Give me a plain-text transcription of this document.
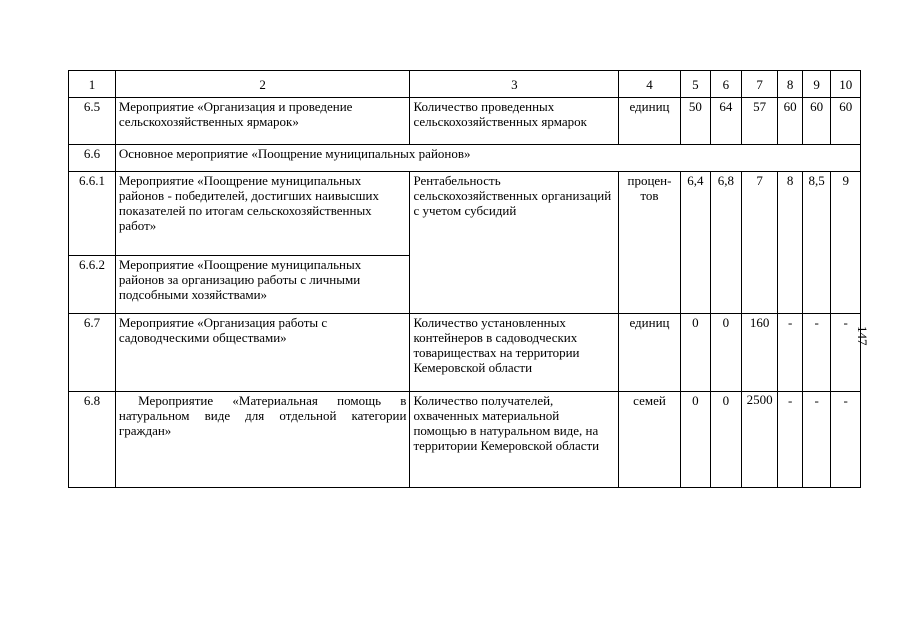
1	2	3	4	5	6	7	8	9	10
6.5	Мероприятие «Организация и проведение сельскохозяйственных ярмарок»	Количество проведенных сельскохозяйственных ярмарок	единиц	50	64	57	60	60	60
6.6	Основное мероприятие «Поощрение муниципальных районов»								
6.6.1	Мероприятие «Поощрение муниципальных районов - победителей, достигших наивысших показателей по итогам сельскохозяйственных работ»	Рентабельность сельскохозяйственных организаций с учетом субсидий	процен-тов	6,4	6,8	7	8	8,5	9
6.6.2	Мероприятие «Поощрение муниципальных районов за организацию работы с личными подсобными хозяйствами»								
6.7	Мероприятие «Организация работы с садоводческими обществами»	Количество установленных контейнеров в садоводческих товариществах на территории Кемеровской области	единиц	0	0	160	-	-	-
6.8	Мероприятие «Материальная помощь в натуральном виде для отдельной категории граждан»	Количество получателей, охваченных материальной помощью в натуральном виде, на территории Кемеровской области	семей	0	0	2500	-	-	-
147
